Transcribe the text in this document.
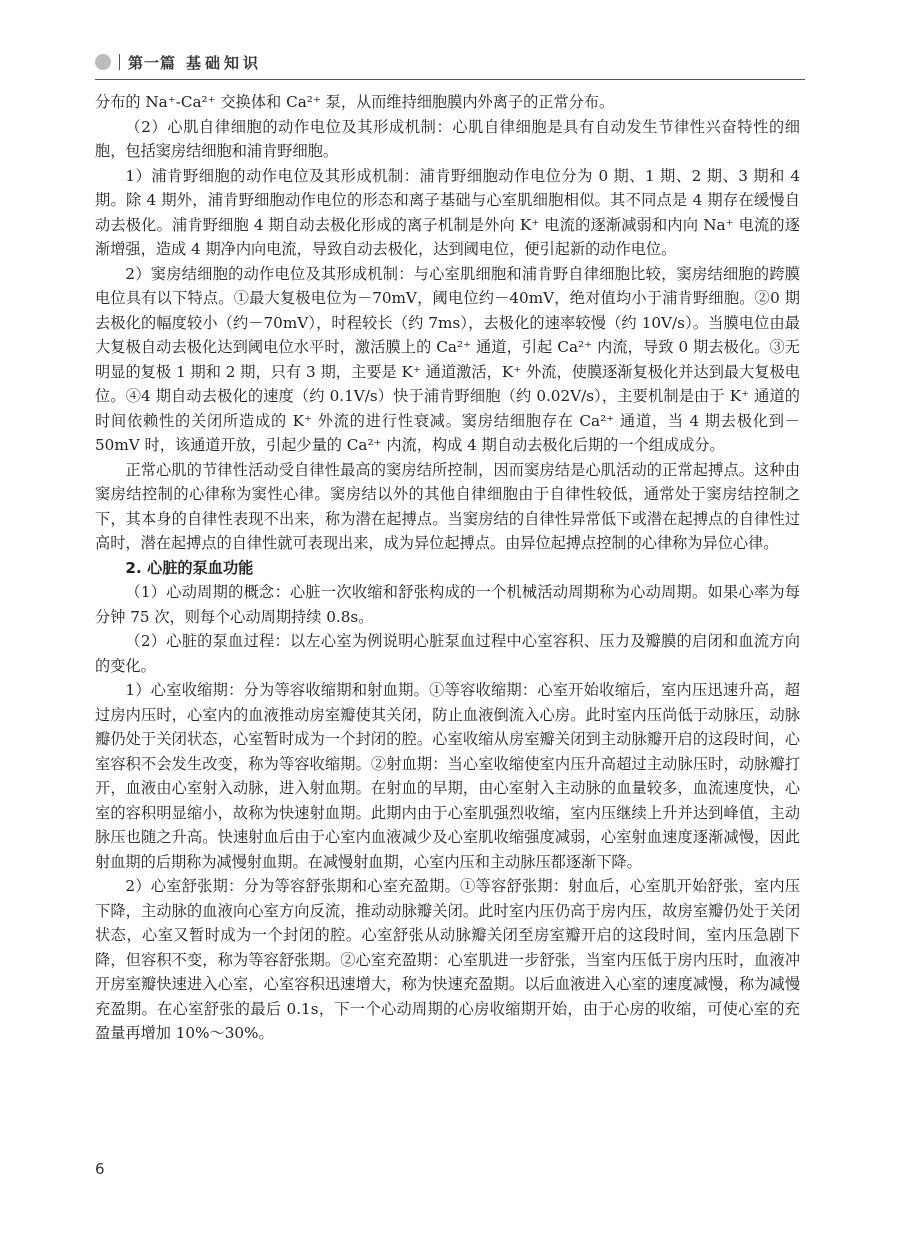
第一篇 基础知识

分布的 Na⁺-Ca²⁺ 交换体和 Ca²⁺ 泵，从而维持细胞膜内外离子的正常分布。

（2）心肌自律细胞的动作电位及其形成机制：心肌自律细胞是具有自动发生节律性兴奋特性的细胞，包括窦房结细胞和浦肯野细胞。

1）浦肯野细胞的动作电位及其形成机制：浦肯野细胞动作电位分为 0 期、1 期、2 期、3 期和 4 期。除 4 期外，浦肯野细胞动作电位的形态和离子基础与心室肌细胞相似。其不同点是 4 期存在缓慢自动去极化。浦肯野细胞 4 期自动去极化形成的离子机制是外向 K⁺ 电流的逐渐减弱和内向 Na⁺ 电流的逐渐增强，造成 4 期净内向电流，导致自动去极化，达到阈电位，便引起新的动作电位。

2）窦房结细胞的动作电位及其形成机制：与心室肌细胞和浦肯野自律细胞比较，窦房结细胞的跨膜电位具有以下特点。①最大复极电位为－70mV，阈电位约－40mV，绝对值均小于浦肯野细胞。②0 期去极化的幅度较小（约－70mV），时程较长（约 7ms），去极化的速率较慢（约 10V/s）。当膜电位由最大复极自动去极化达到阈电位水平时，激活膜上的 Ca²⁺ 通道，引起 Ca²⁺ 内流，导致 0 期去极化。③无明显的复极 1 期和 2 期，只有 3 期，主要是 K⁺ 通道激活，K⁺ 外流，使膜逐渐复极化并达到最大复极电位。④4 期自动去极化的速度（约 0.1V/s）快于浦肯野细胞（约 0.02V/s），主要机制是由于 K⁺ 通道的时间依赖性的关闭所造成的 K⁺ 外流的进行性衰减。窦房结细胞存在 Ca²⁺ 通道，当 4 期去极化到－50mV 时，该通道开放，引起少量的 Ca²⁺ 内流，构成 4 期自动去极化后期的一个组成成分。

正常心肌的节律性活动受自律性最高的窦房结所控制，因而窦房结是心肌活动的正常起搏点。这种由窦房结控制的心律称为窦性心律。窦房结以外的其他自律细胞由于自律性较低，通常处于窦房结控制之下，其本身的自律性表现不出来，称为潜在起搏点。当窦房结的自律性异常低下或潜在起搏点的自律性过高时，潜在起搏点的自律性就可表现出来，成为异位起搏点。由异位起搏点控制的心律称为异位心律。

2. 心脏的泵血功能

（1）心动周期的概念：心脏一次收缩和舒张构成的一个机械活动周期称为心动周期。如果心率为每分钟 75 次，则每个心动周期持续 0.8s。

（2）心脏的泵血过程：以左心室为例说明心脏泵血过程中心室容积、压力及瓣膜的启闭和血流方向的变化。

1）心室收缩期：分为等容收缩期和射血期。①等容收缩期：心室开始收缩后，室内压迅速升高，超过房内压时，心室内的血液推动房室瓣使其关闭，防止血液倒流入心房。此时室内压尚低于动脉压，动脉瓣仍处于关闭状态，心室暂时成为一个封闭的腔。心室收缩从房室瓣关闭到主动脉瓣开启的这段时间，心室容积不会发生改变，称为等容收缩期。②射血期：当心室收缩使室内压升高超过主动脉压时，动脉瓣打开，血液由心室射入动脉，进入射血期。在射血的早期，由心室射入主动脉的血量较多，血流速度快，心室的容积明显缩小，故称为快速射血期。此期内由于心室肌强烈收缩，室内压继续上升并达到峰值，主动脉压也随之升高。快速射血后由于心室内血液减少及心室肌收缩强度减弱，心室射血速度逐渐减慢，因此射血期的后期称为减慢射血期。在减慢射血期，心室内压和主动脉压都逐渐下降。

2）心室舒张期：分为等容舒张期和心室充盈期。①等容舒张期：射血后，心室肌开始舒张，室内压下降，主动脉的血液向心室方向反流，推动动脉瓣关闭。此时室内压仍高于房内压，故房室瓣仍处于关闭状态，心室又暂时成为一个封闭的腔。心室舒张从动脉瓣关闭至房室瓣开启的这段时间，室内压急剧下降，但容积不变，称为等容舒张期。②心室充盈期：心室肌进一步舒张，当室内压低于房内压时，血液冲开房室瓣快速进入心室，心室容积迅速增大，称为快速充盈期。以后血液进入心室的速度减慢，称为减慢充盈期。在心室舒张的最后 0.1s，下一个心动周期的心房收缩期开始，由于心房的收缩，可使心室的充盈量再增加 10%～30%。

6
